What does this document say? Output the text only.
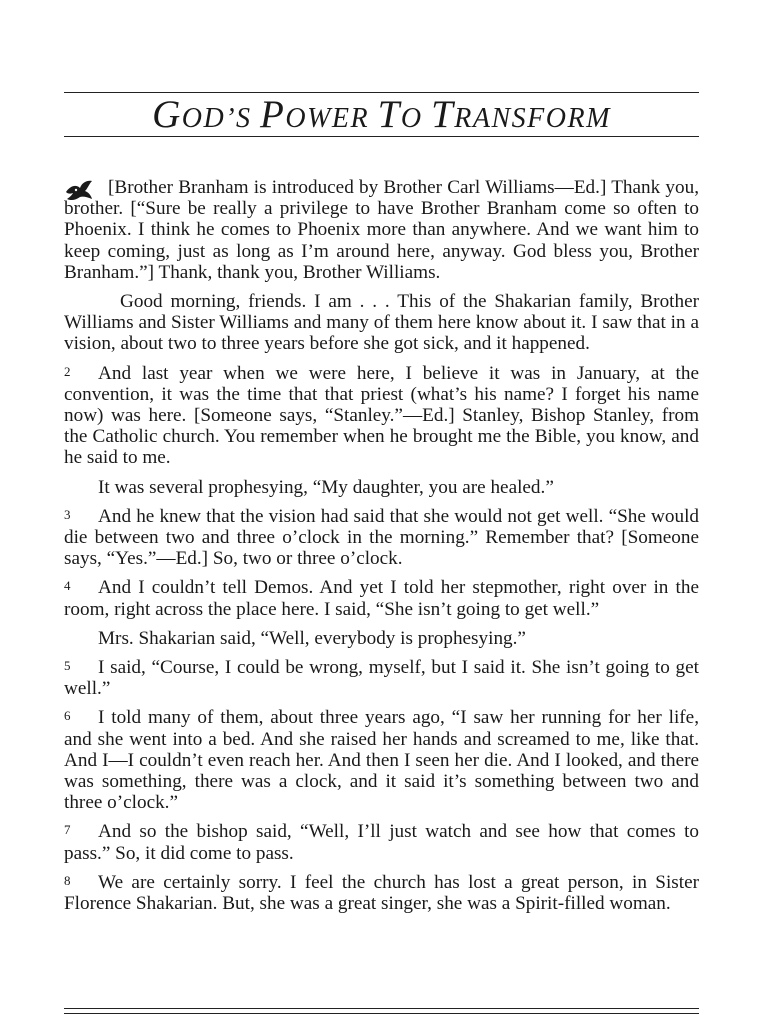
GOD’S POWER TO TRANSFORM

[Brother Branham is introduced by Brother Carl Williams—Ed.] Thank you, brother. [“Sure be really a privilege to have Brother Branham come so often to Phoenix. I think he comes to Phoenix more than anywhere. And we want him to keep coming, just as long as I’m around here, anyway. God bless you, Brother Branham.”] Thank, thank you, Brother Williams.

Good morning, friends. I am . . . This of the Shakarian family, Brother Williams and Sister Williams and many of them here know about it. I saw that in a vision, about two to three years before she got sick, and it happened.

2 And last year when we were here, I believe it was in January, at the convention, it was the time that that priest (what’s his name? I forget his name now) was here. [Someone says, “Stanley.”—Ed.] Stanley, Bishop Stanley, from the Catholic church. You remember when he brought me the Bible, you know, and he said to me.

It was several prophesying, “My daughter, you are healed.”

3 And he knew that the vision had said that she would not get well. “She would die between two and three o’clock in the morning.” Remember that? [Someone says, “Yes.”—Ed.] So, two or three o’clock.

4 And I couldn’t tell Demos. And yet I told her stepmother, right over in the room, right across the place here. I said, “She isn’t going to get well.”

Mrs. Shakarian said, “Well, everybody is prophesying.”

5 I said, “Course, I could be wrong, myself, but I said it. She isn’t going to get well.”

6 I told many of them, about three years ago, “I saw her running for her life, and she went into a bed. And she raised her hands and screamed to me, like that. And I—I couldn’t even reach her. And then I seen her die. And I looked, and there was something, there was a clock, and it said it’s something between two and three o’clock.”

7 And so the bishop said, “Well, I’ll just watch and see how that comes to pass.” So, it did come to pass.

8 We are certainly sorry. I feel the church has lost a great person, in Sister Florence Shakarian. But, she was a great singer, she was a Spirit-filled woman.
